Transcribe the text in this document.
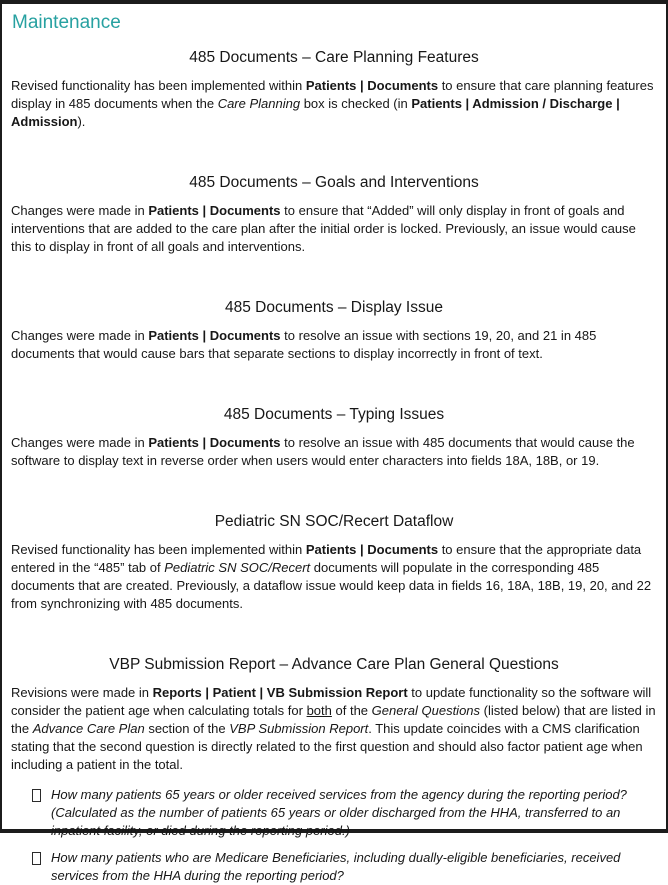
Maintenance
485 Documents – Care Planning Features

Revised functionality has been implemented within Patients | Documents to ensure that care planning features display in 485 documents when the Care Planning box is checked (in Patients | Admission / Discharge | Admission).

485 Documents – Goals and Interventions

Changes were made in Patients | Documents to ensure that “Added” will only display in front of goals and interventions that are added to the care plan after the initial order is locked. Previously, an issue would cause this to display in front of all goals and interventions.

485 Documents – Display Issue

Changes were made in Patients | Documents to resolve an issue with sections 19, 20, and 21 in 485 documents that would cause bars that separate sections to display incorrectly in front of text.

485 Documents – Typing Issues

Changes were made in Patients | Documents to resolve an issue with 485 documents that would cause the software to display text in reverse order when users would enter characters into fields 18A, 18B, or 19.

Pediatric SN SOC/Recert Dataflow

Revised functionality has been implemented within Patients | Documents to ensure that the appropriate data entered in the “485” tab of Pediatric SN SOC/Recert documents will populate in the corresponding 485 documents that are created. Previously, a dataflow issue would keep data in fields 16, 18A, 18B, 19, 20, and 22 from synchronizing with 485 documents.

VBP Submission Report – Advance Care Plan General Questions

Revisions were made in Reports | Patient | VB Submission Report to update functionality so the software will consider the patient age when calculating totals for both of the General Questions (listed below) that are listed in the Advance Care Plan section of the VBP Submission Report. This update coincides with a CMS clarification stating that the second question is directly related to the first question and should also factor patient age when including a patient in the total.

How many patients 65 years or older received services from the agency during the reporting period? (Calculated as the number of patients 65 years or older discharged from the HHA, transferred to an inpatient facility, or died during the reporting period.)
How many patients who are Medicare Beneficiaries, including dually-eligible beneficiaries, received services from the HHA during the reporting period?
